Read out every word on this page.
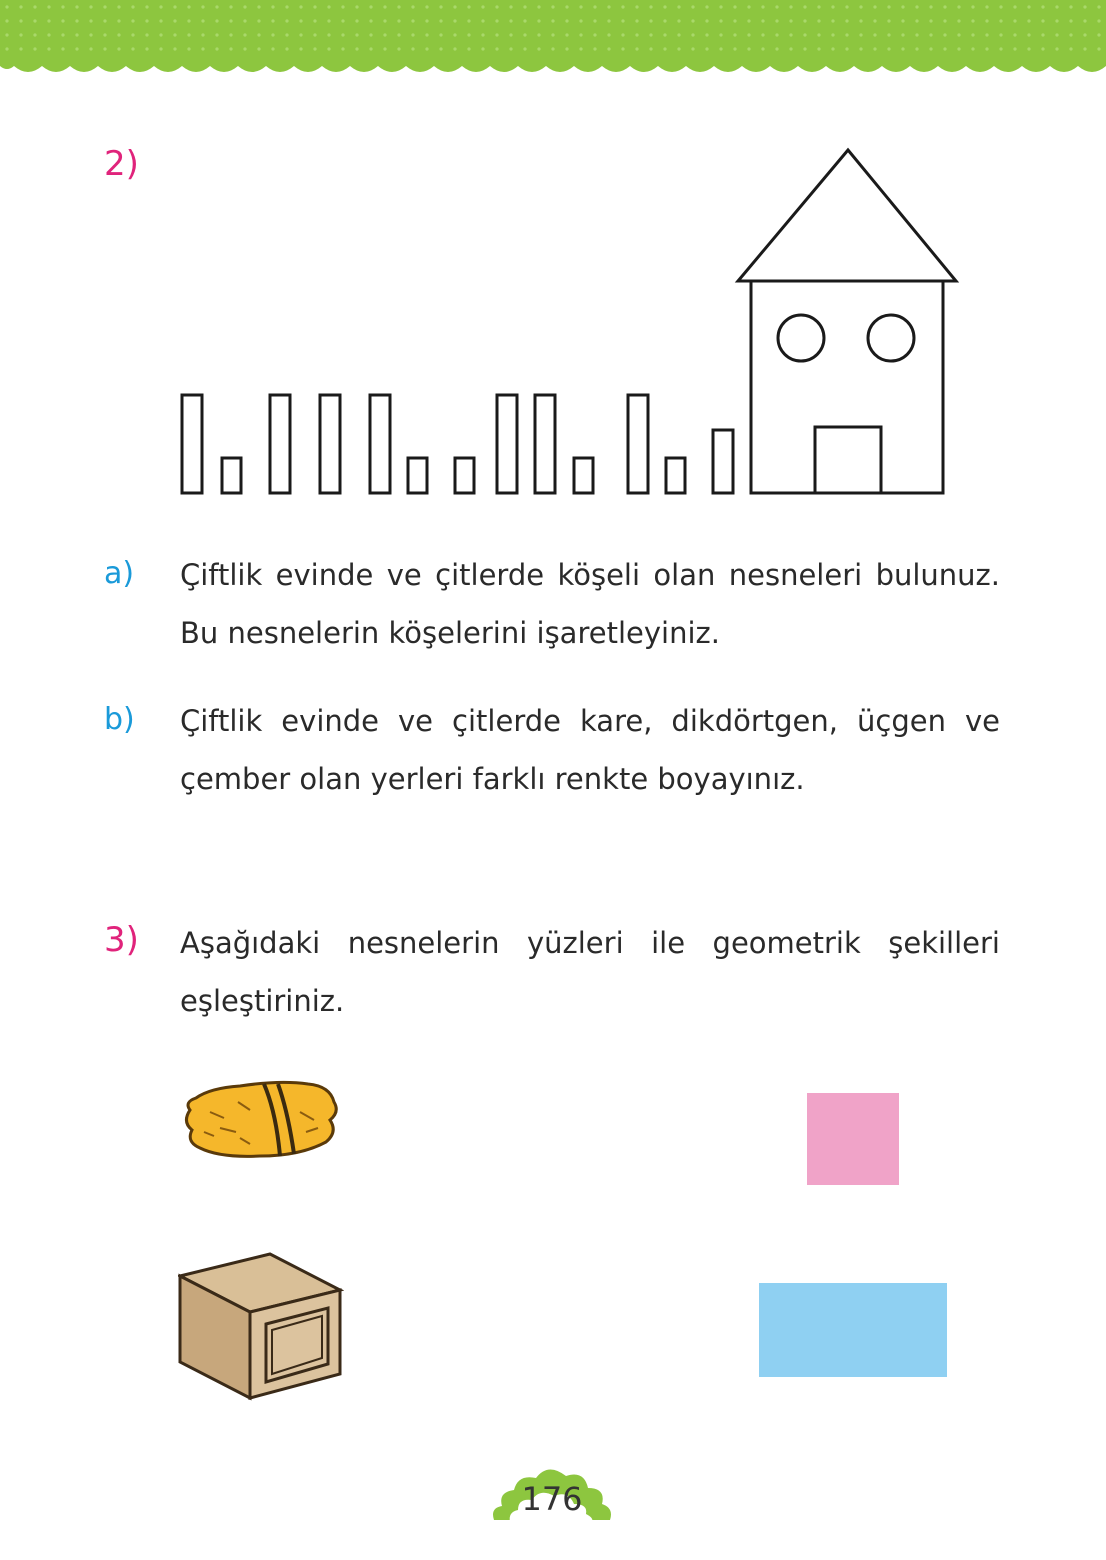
2)
a) Çiftlik evinde ve çitlerde köşeli olan nesneleri bulunuz. Bu nesnelerin köşelerini işaretleyiniz.
b) Çiftlik evinde ve çitlerde kare, dikdörtgen, üçgen ve çember olan yerleri farklı renkte boyayınız.
3) Aşağıdaki nesnelerin yüzleri ile geometrik şekilleri eşleştiriniz.
176
